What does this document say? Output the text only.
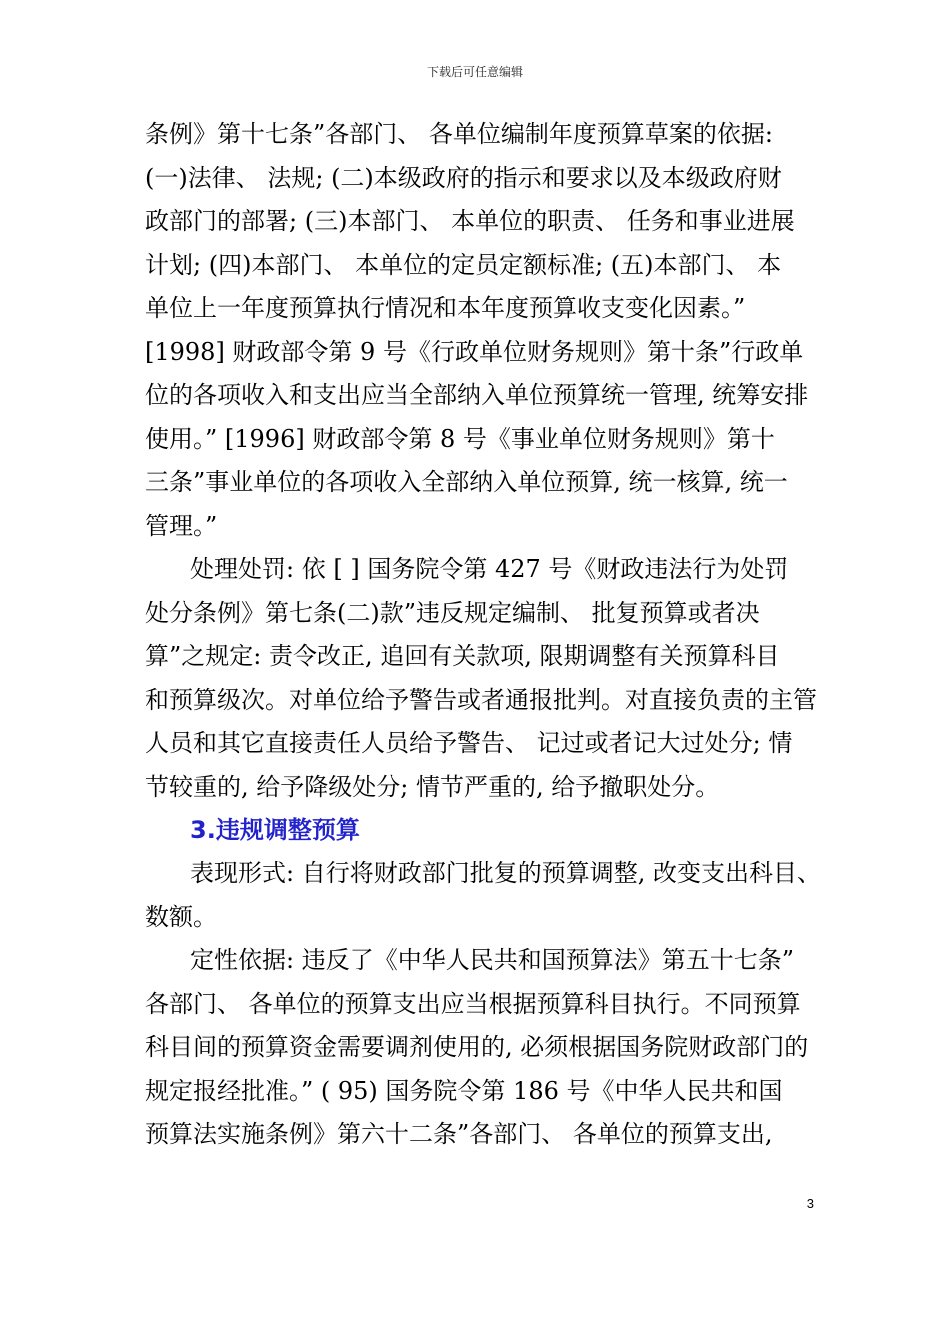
下载后可任意编辑
条例》第十七条”各部门、 各单位编制年度预算草案的依据:
(一)法律、 法规; (二)本级政府的指示和要求以及本级政府财
政部门的部署; (三)本部门、 本单位的职责、 任务和事业进展
计划; (四)本部门、 本单位的定员定额标准; (五)本部门、 本
单位上一年度预算执行情况和本年度预算收支变化因素。”
[1998] 财政部令第 9 号《行政单位财务规则》第十条”行政单
位的各项收入和支出应当全部纳入单位预算统一管理, 统筹安排
使用。” [1996] 财政部令第 8 号《事业单位财务规则》第十
三条”事业单位的各项收入全部纳入单位预算, 统一核算, 统一
管理。”
处理处罚: 依 [ ] 国务院令第 427 号《财政违法行为处罚
处分条例》第七条(二)款”违反规定编制、 批复预算或者决
算”之规定: 责令改正, 追回有关款项, 限期调整有关预算科目
和预算级次。对单位给予警告或者通报批判。对直接负责的主管
人员和其它直接责任人员给予警告、 记过或者记大过处分; 情
节较重的, 给予降级处分; 情节严重的, 给予撤职处分。
3.违规调整预算
表现形式: 自行将财政部门批复的预算调整, 改变支出科目、
数额。
定性依据: 违反了《中华人民共和国预算法》第五十七条”
各部门、 各单位的预算支出应当根据预算科目执行。不同预算
科目间的预算资金需要调剂使用的, 必须根据国务院财政部门的
规定报经批准。” ( 95) 国务院令第 186 号《中华人民共和国
预算法实施条例》第六十二条”各部门、 各单位的预算支出,
3
